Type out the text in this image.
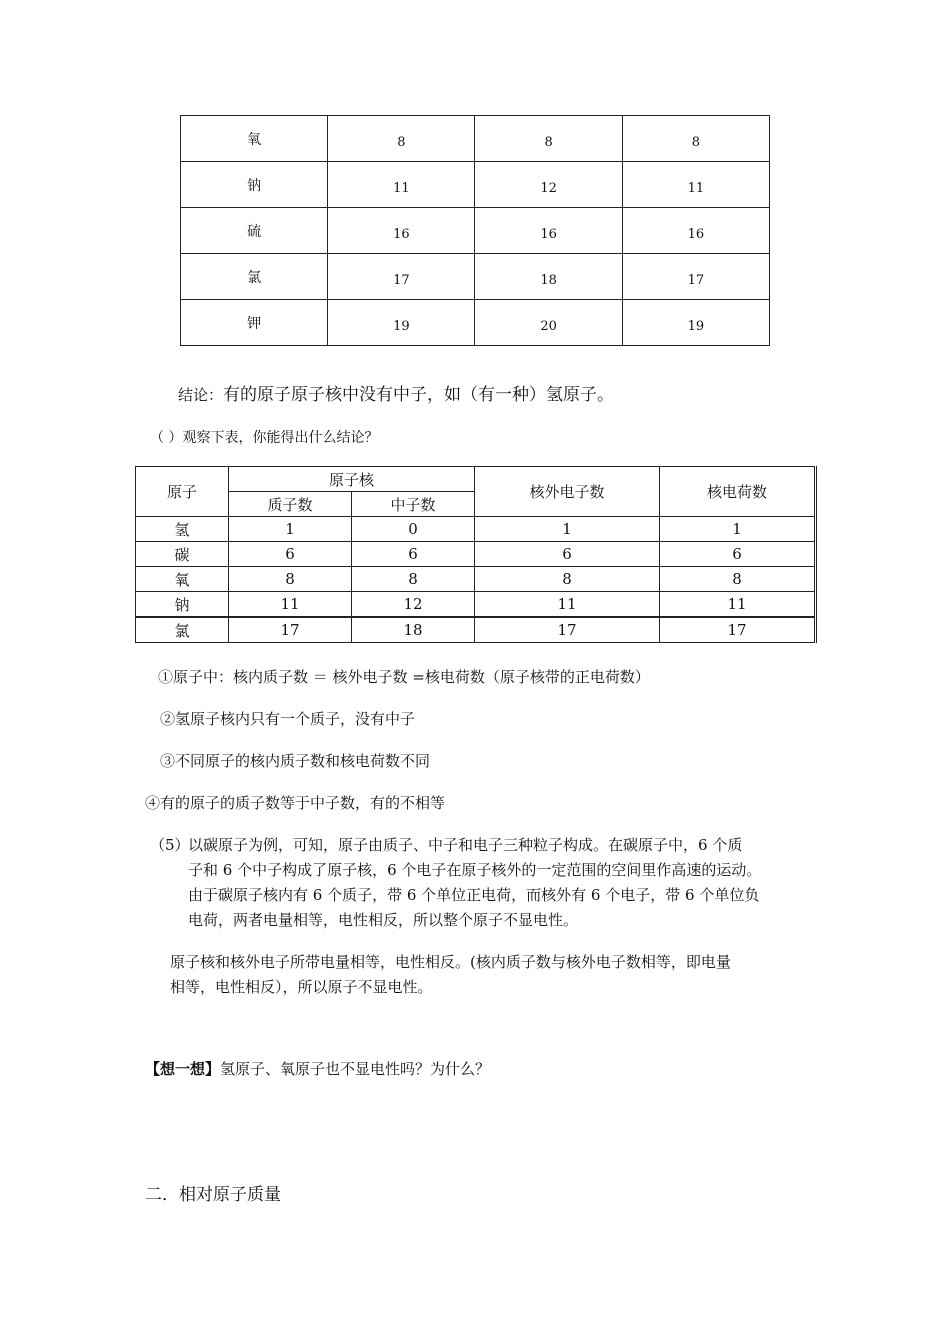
氧	8	8	8
钠	11	12	11
硫	16	16	16
氯	17	18	17
钾	19	20	19
结论：有的原子原子核中没有中子，如（有一种）氢原子。
（ ）观察下表，你能得出什么结论？
原子	原子核		核外电子数	核电荷数
	质子数	中子数		
氢	1	0	1	1
碳	6	6	6	6
氧	8	8	8	8
钠	11	12	11	11
氯	17	18	17	17
①原子中：核内质子数 ＝ 核外电子数 =核电荷数（原子核带的正电荷数）
②氢原子核内只有一个质子，没有中子
③不同原子的核内质子数和核电荷数不同
④有的原子的质子数等于中子数，有的不相等
（5）
以碳原子为例，可知，原子由质子、中子和电子三种粒子构成。在碳原子中，6 个质
子和 6 个中子构成了原子核，6 个电子在原子核外的一定范围的空间里作高速的运动。
由于碳原子核内有 6 个质子，带 6 个单位正电荷，而核外有 6 个电子，带 6 个单位负
电荷，两者电量相等，电性相反，所以整个原子不显电性。
原子核和核外电子所带电量相等，电性相反。(核内质子数与核外电子数相等，即电量
相等，电性相反），所以原子不显电性。
【想一想】氢原子、氧原子也不显电性吗？为什么？
二．相对原子质量
